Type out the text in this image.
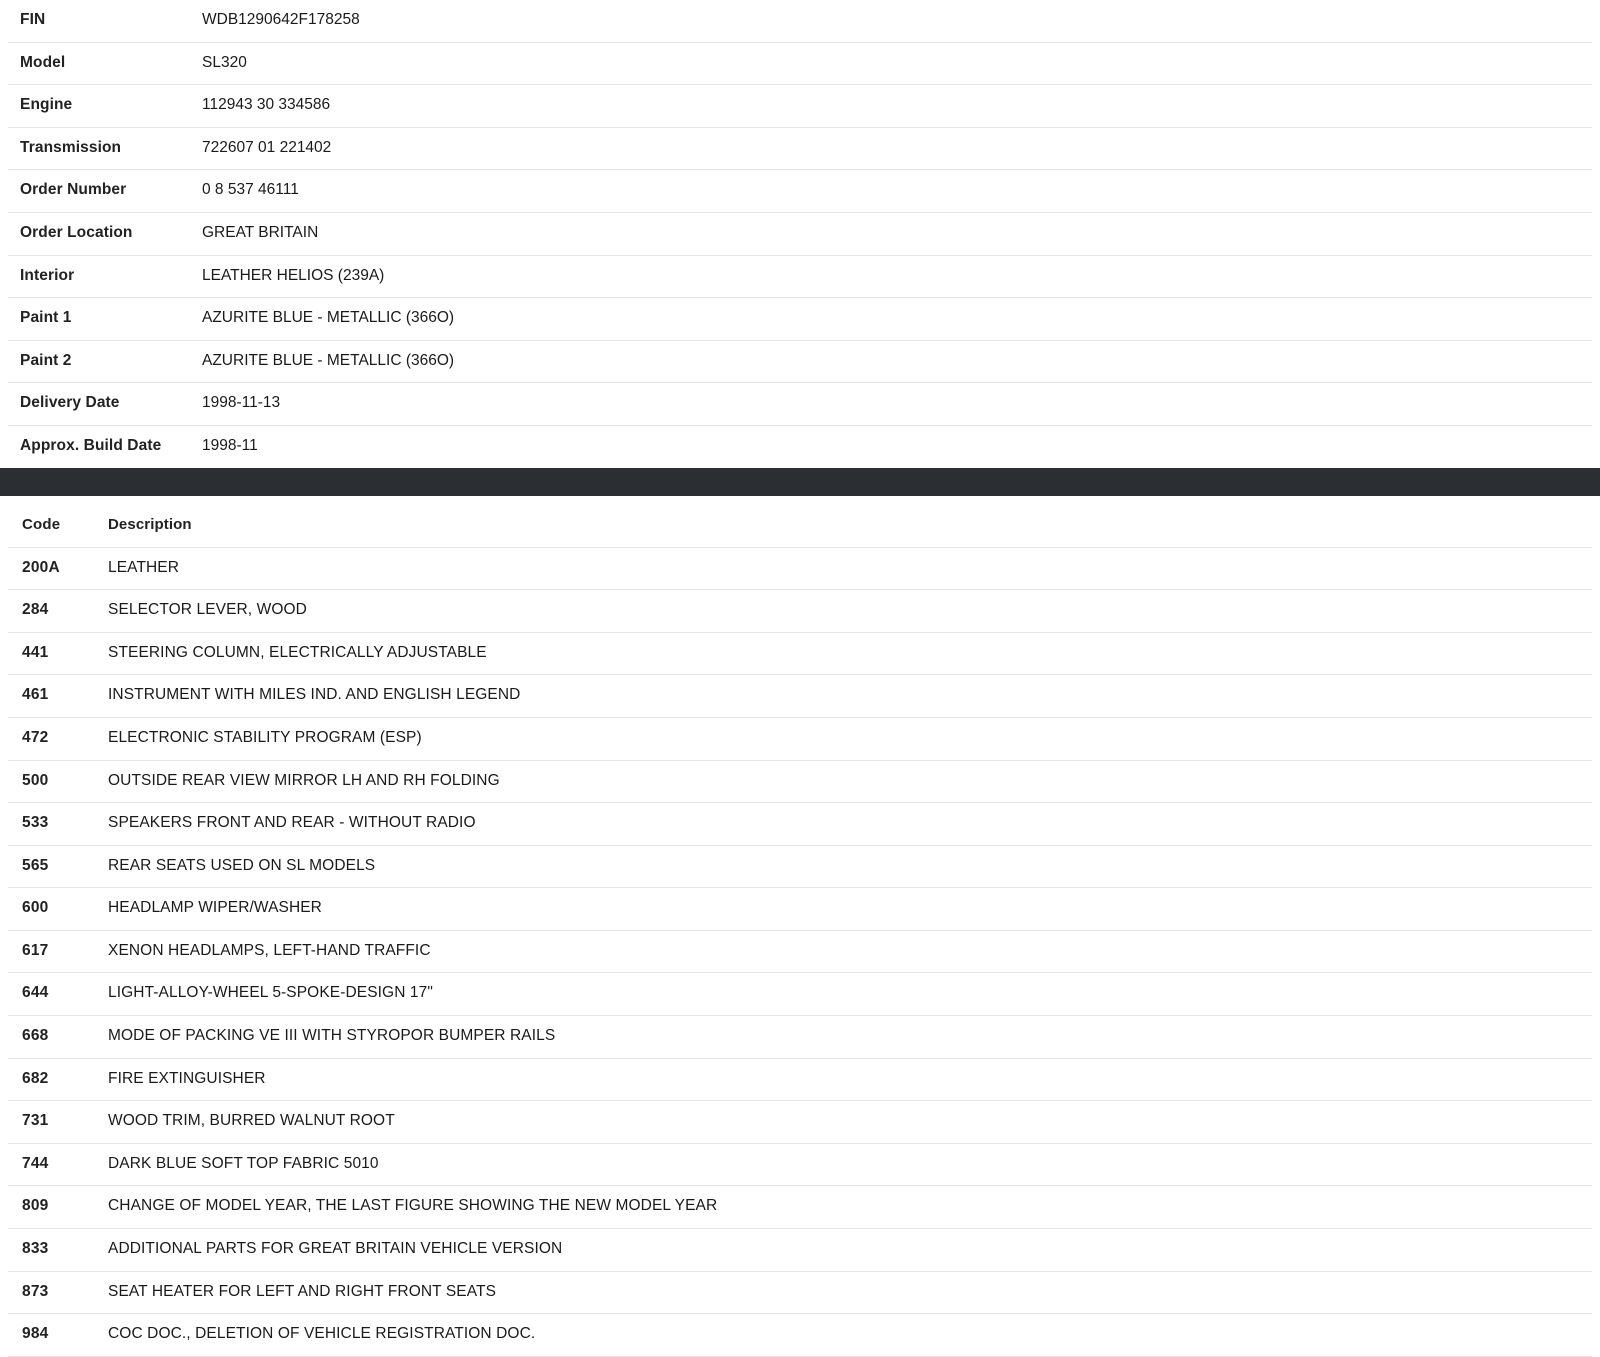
FIN	WDB1290642F178258
Model	SL320
Engine	112943 30 334586
Transmission	722607 01 221402
Order Number	0 8 537 46111
Order Location	GREAT BRITAIN
Interior	LEATHER HELIOS (239A)
Paint 1	AZURITE BLUE - METALLIC (366O)
Paint 2	AZURITE BLUE - METALLIC (366O)
Delivery Date	1998-11-13
Approx. Build Date	1998-11
Code	Description
200A	LEATHER
284	SELECTOR LEVER, WOOD
441	STEERING COLUMN, ELECTRICALLY ADJUSTABLE
461	INSTRUMENT WITH MILES IND. AND ENGLISH LEGEND
472	ELECTRONIC STABILITY PROGRAM (ESP)
500	OUTSIDE REAR VIEW MIRROR LH AND RH FOLDING
533	SPEAKERS FRONT AND REAR - WITHOUT RADIO
565	REAR SEATS USED ON SL MODELS
600	HEADLAMP WIPER/WASHER
617	XENON HEADLAMPS, LEFT-HAND TRAFFIC
644	LIGHT-ALLOY-WHEEL 5-SPOKE-DESIGN 17"
668	MODE OF PACKING VE III WITH STYROPOR BUMPER RAILS
682	FIRE EXTINGUISHER
731	WOOD TRIM, BURRED WALNUT ROOT
744	DARK BLUE SOFT TOP FABRIC 5010
809	CHANGE OF MODEL YEAR, THE LAST FIGURE SHOWING THE NEW MODEL YEAR
833	ADDITIONAL PARTS FOR GREAT BRITAIN VEHICLE VERSION
873	SEAT HEATER FOR LEFT AND RIGHT FRONT SEATS
984	COC DOC., DELETION OF VEHICLE REGISTRATION DOC.
